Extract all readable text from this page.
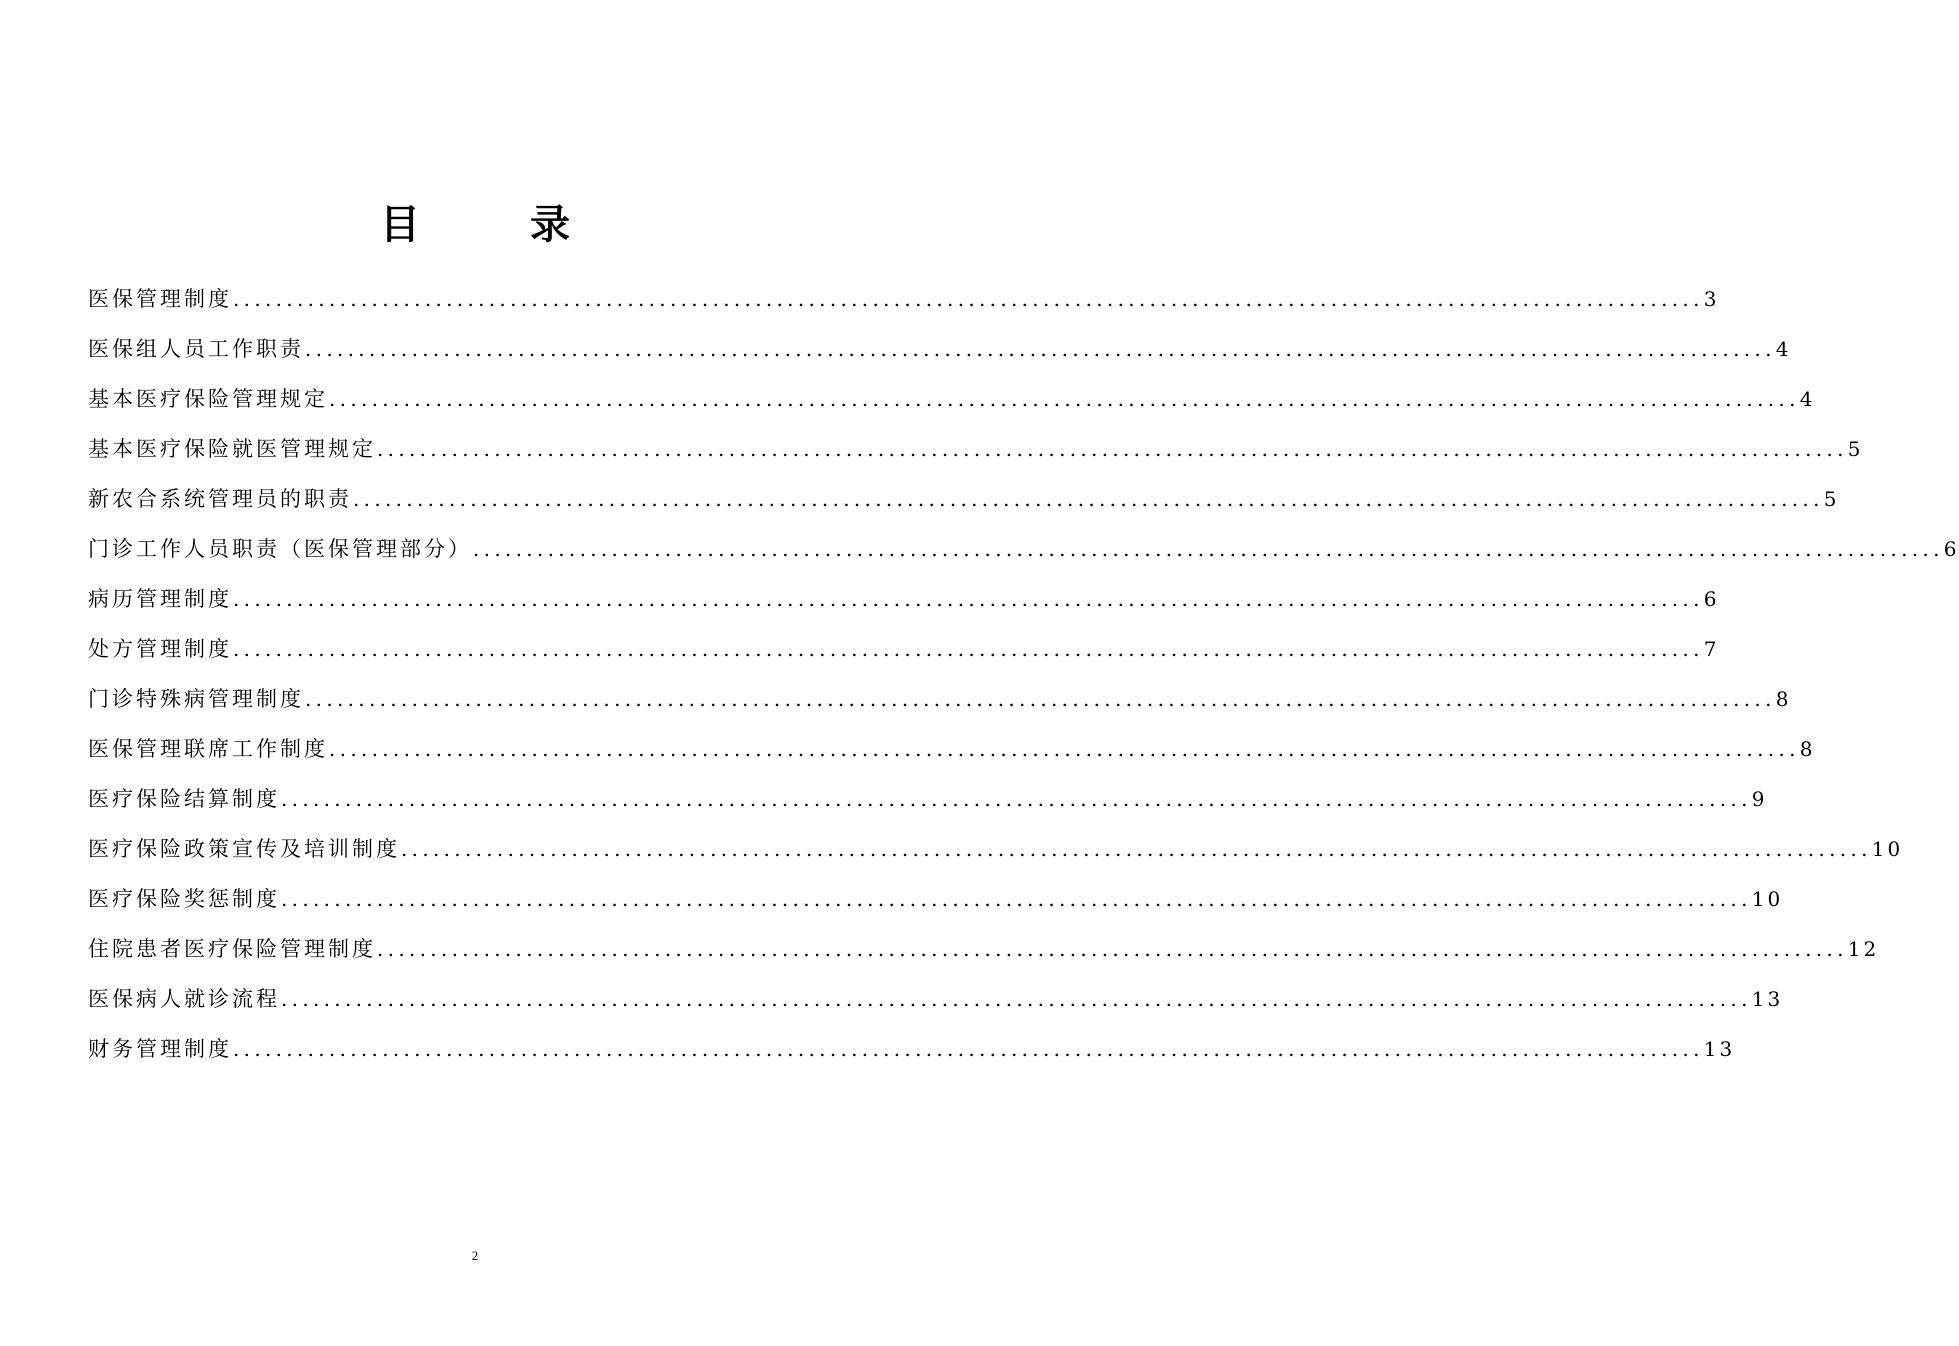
目	录
医保管理制度 .....	3
医保组人员工作职责 .....	4
基本医疗保险管理规定 .....	4
基本医疗保险就医管理规定 .....	5
新农合系统管理员的职责 .....	5
门诊工作人员职责（医保管理部分） .....	6
病历管理制度 .....	6
处方管理制度 .....	7
门诊特殊病管理制度 .....	8
医保管理联席工作制度 .....	8
医疗保险结算制度 .....	9
医疗保险政策宣传及培训制度 .....	10
医疗保险奖惩制度 .....	10
住院患者医疗保险管理制度 .....	12
医保病人就诊流程 .....	13
财务管理制度 .....	13
2
